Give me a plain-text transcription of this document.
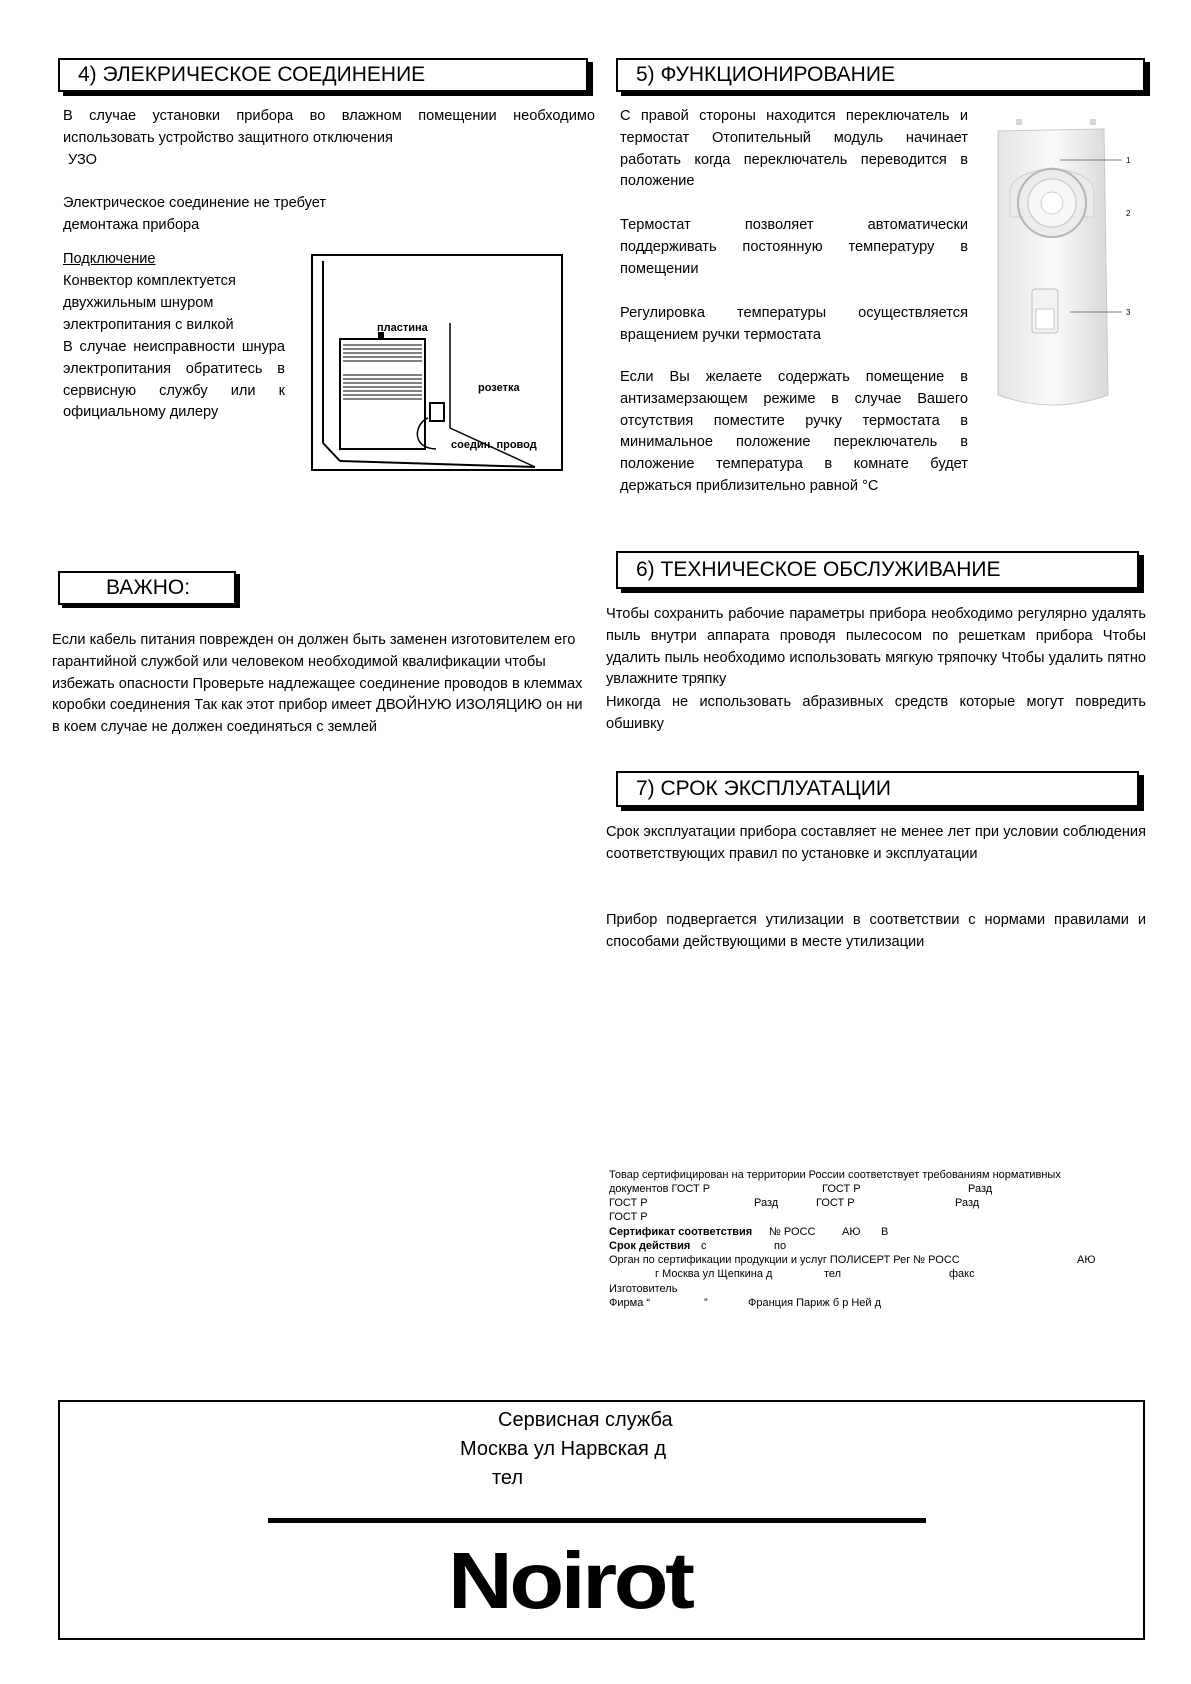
4) ЭЛЕКРИЧЕСКОЕ СОЕДИНЕНИЕ
В случае установки прибора во влажном помещении необходимо использовать устройство защитного отключения
УЗО
Электрическое соединение не требует демонтажа прибора
Подключение
Конвектор комплектуется двухжильным шнуром электропитания с вилкой
В случае неисправности шнура электропитания обратитесь в сервисную службу или к официальному дилеру
пластина
розетка
соедин. провод
5) ФУНКЦИОНИРОВАНИЕ
С правой стороны находится переключатель и термостат Отопительный модуль начинает работать когда переключатель переводится в положение
Термостат позволяет автоматически поддерживать постоянную температуру в помещении
Регулировка температуры осуществляется вращением ручки термостата
Если Вы желаете содержать помещение в антизамерзающем режиме в случае Вашего отсутствия поместите ручку термостата в минимальное положение переключатель в положение температура в комнате будет держаться приблизительно равной °С
1
2
3
ВАЖНО:
Если кабель питания поврежден он должен быть заменен изготовителем его гарантийной службой или человеком необходимой квалификации чтобы избежать опасности Проверьте надлежащее соединение проводов в клеммах коробки соединения Так как этот прибор имеет ДВОЙНУЮ ИЗОЛЯЦИЮ он ни в коем случае не должен соединяться с землей
6) ТЕХНИЧЕСКОЕ ОБСЛУЖИВАНИЕ
Чтобы сохранить рабочие параметры прибора необходимо регулярно удалять пыль внутри аппарата проводя пылесосом по решеткам прибора Чтобы удалить пыль необходимо использовать мягкую тряпочку Чтобы удалить пятно увлажните тряпку
Никогда не использовать абразивных средств которые могут повредить обшивку
7) СРОК ЭКСПЛУАТАЦИИ
Срок эксплуатации прибора составляет не менее лет при условии соблюдения соответствующих правил по установке и эксплуатации
Прибор подвергается утилизации в соответствии с нормами правилами и способами действующими в месте утилизации
Товар сертифицирован на территории России соответствует требованиям нормативных
документов ГОСТ Р	ГОСТ Р	Разд
ГОСТ Р	Разд	ГОСТ Р	Разд
ГОСТ Р
Сертификат соответствия № РОСС АЮ В
Срок действия с	по
Орган по сертификации продукции и услуг ПОЛИСЕРТ Рег № РОСС	АЮ
г Москва ул Щепкина д	тел	факс
Изготовитель
Фирма “	”	Франция Париж б р Ней д
Сервисная служба
Москва ул Нарвская д
тел
Noirot
